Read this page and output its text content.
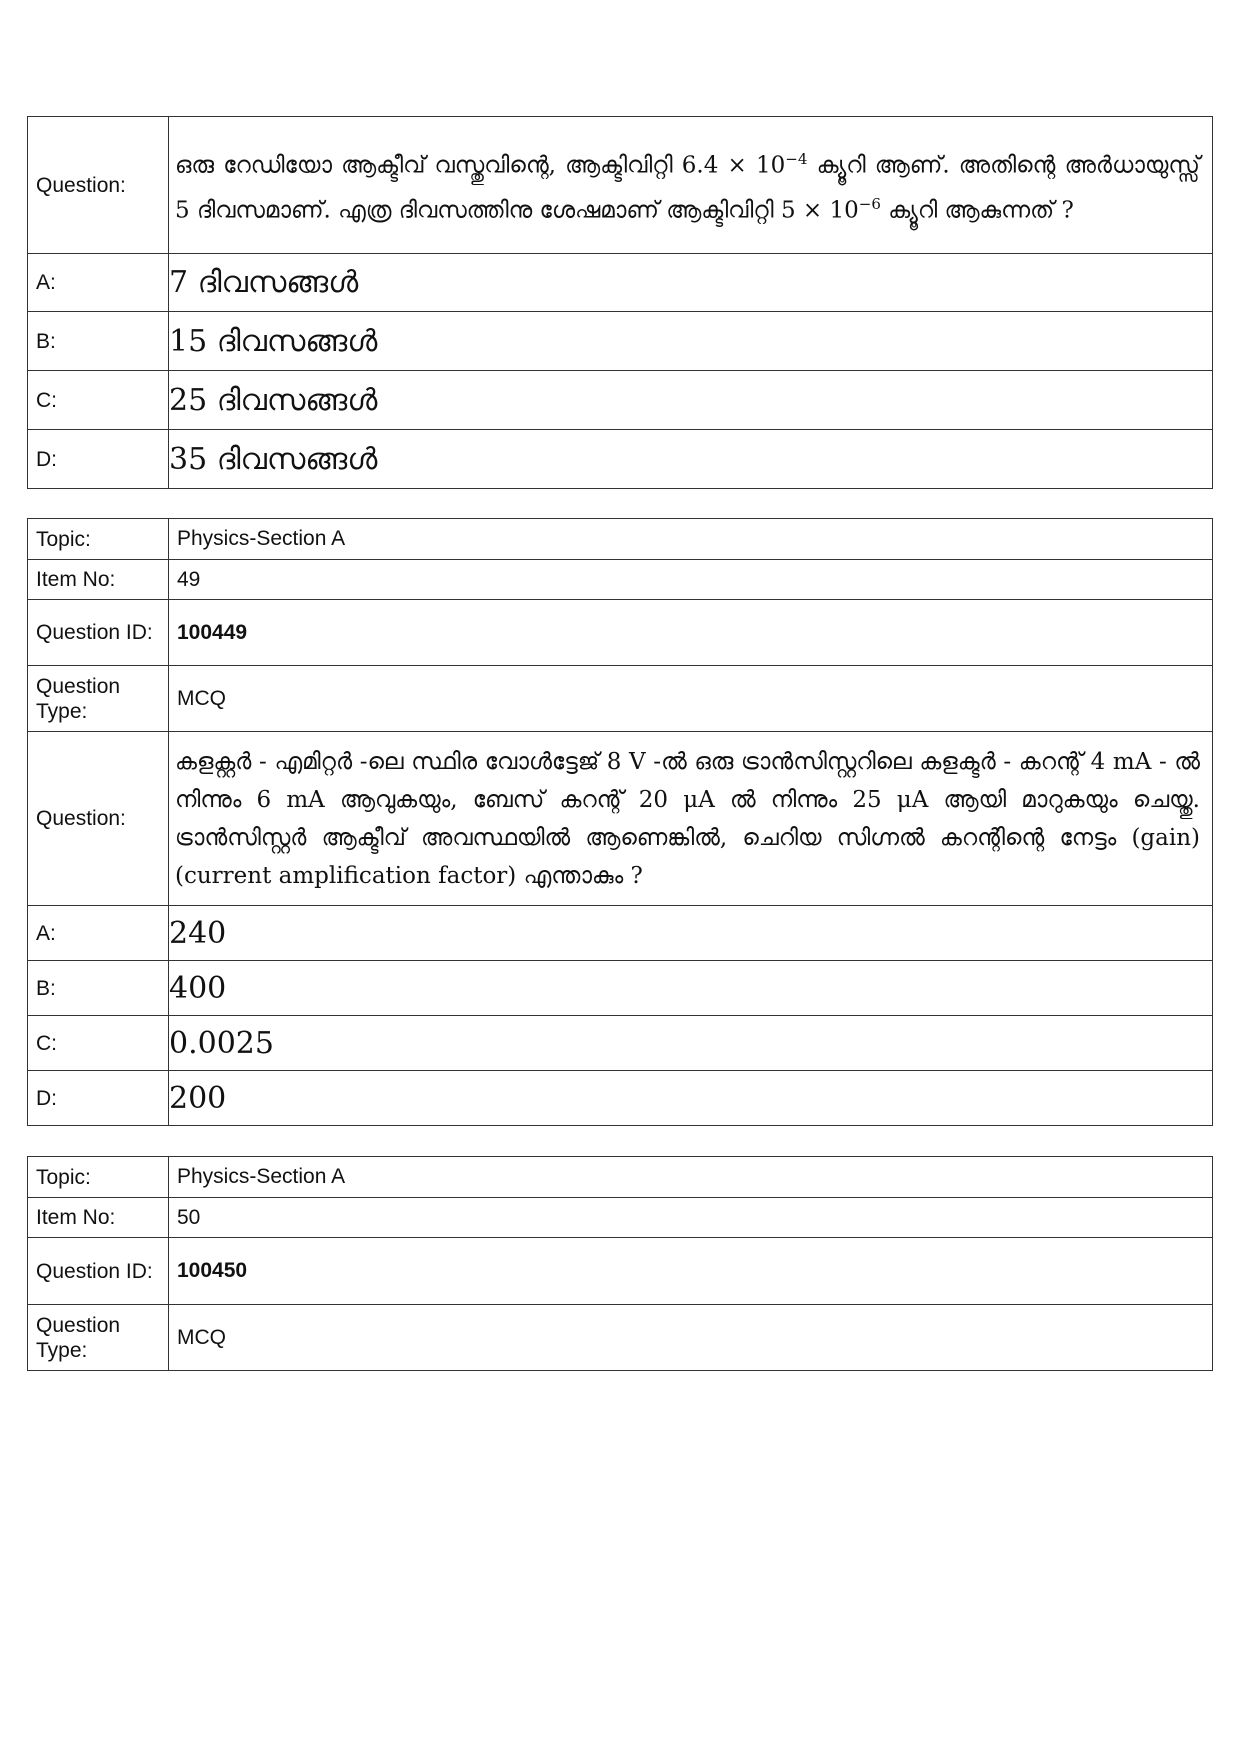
Question:	ഒരു റേഡിയോ ആക്ടീവ് വസ്തുവിന്റെ, ആക്ടിവിറ്റി $6.4 \times 10^{-4}$ ക്യൂറി ആണ്. അതിന്റെ അർധായുസ്സ് 5 ദിവസമാണ്. എത്ര ദിവസത്തിനു ശേഷമാണ് ആക്ടിവിറ്റി $5 \times 10^{-6}$ ക്യൂറി ആകുന്നത് ?

A:	7 ദിവസങ്ങൾ
B:	15 ദിവസങ്ങൾ
C:	25 ദിവസങ്ങൾ
D:	35 ദിവസങ്ങൾ
Topic:	Physics-Section A
Item No:	49
Question ID:	100449
Question Type:	MCQ
Question:	കളക്റ്റർ - എമിറ്റർ -ലെ സ്ഥിര വോൾട്ടേജ് 8 V -ൽ ഒരു ട്രാൻസിസ്റ്ററിലെ കളക്ടർ - കറന്റ് 4 mA - ൽ നിന്നും 6 mA ആവുകയും, ബേസ് കറന്റ് 20 μA ൽ നിന്നും 25 μA ആയി മാറുകയും ചെയ്തു. ട്രാൻസിസ്റ്റർ ആക്ടീവ് അവസ്ഥയിൽ ആണെങ്കിൽ, ചെറിയ സിഗ്നൽ കറന്റിന്റെ നേട്ടം (gain) (current amplification factor) എന്താകും ?

A:	240
B:	400
C:	0.0025
D:	200
Topic:	Physics-Section A
Item No:	50
Question ID:	100450
Question Type:	MCQ
